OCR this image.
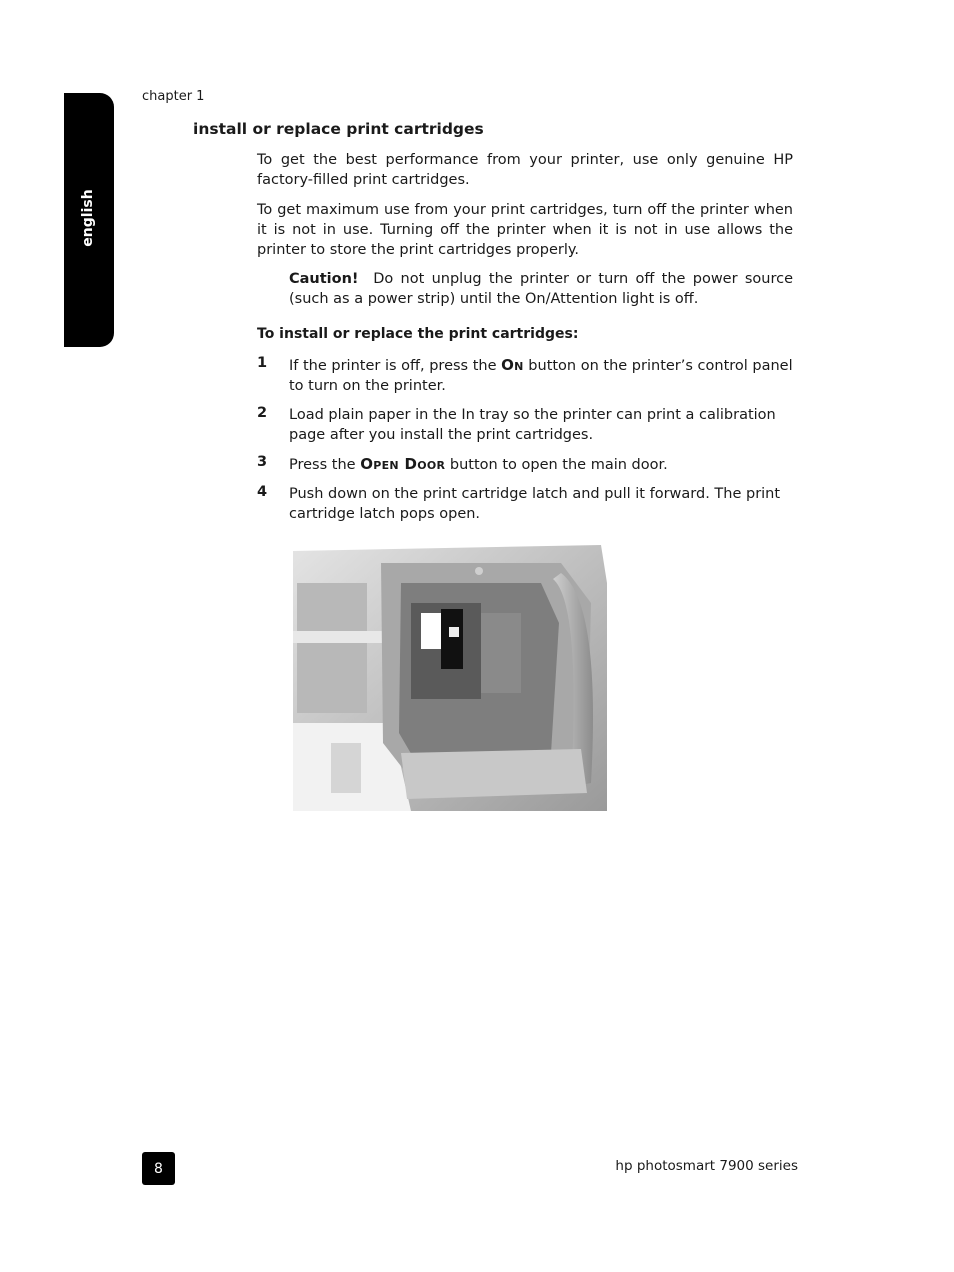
english
chapter 1
install or replace print cartridges

To get the best performance from your printer, use only genuine HP factory-filled print cartridges.

To get maximum use from your print cartridges, turn off the printer when it is not in use. Turning off the printer when it is not in use allows the printer to store the print cartridges properly.

Caution! Do not unplug the printer or turn off the power source (such as a power strip) until the On/Attention light is off.

To install or replace the print cartridges:
1 If the printer is off, press the On button on the printer’s control panel to turn on the printer.

2 Load plain paper in the In tray so the printer can print a calibration page after you install the print cartridges.

3 Press the Open Door button to open the main door.

4 Push down on the print cartridge latch and pull it forward. The print cartridge latch pops open.

8	hp photosmart 7900 series
